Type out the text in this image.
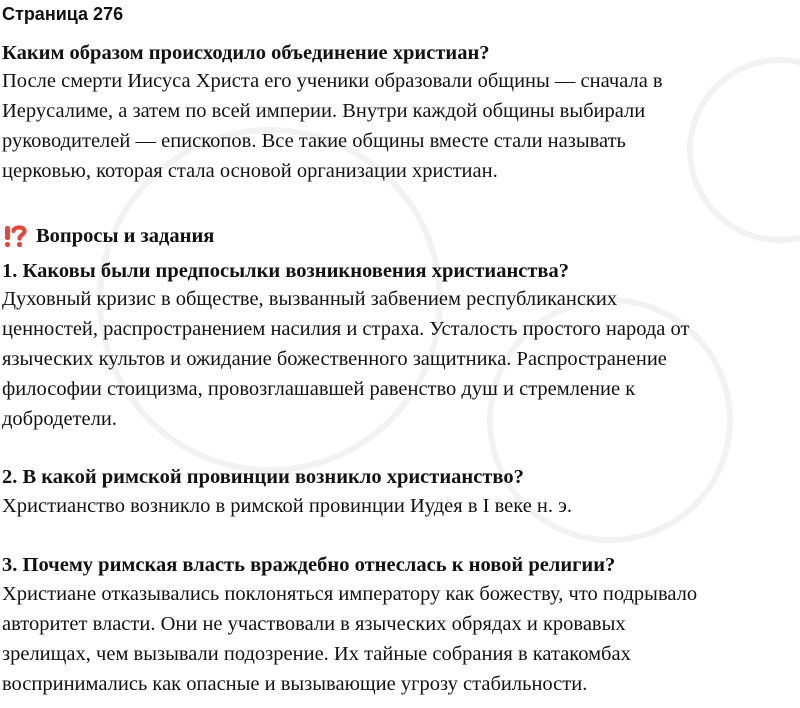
Страница 276
Каким образом происходило объединение христиан?
После смерти Иисуса Христа его ученики образовали общины — сначала в
Иерусалиме, а затем по всей империи. Внутри каждой общины выбирали
руководителей — епископов. Все такие общины вместе стали называть
церковью, которая стала основой организации христиан.
Вопросы и задания
1. Каковы были предпосылки возникновения христианства?
Духовный кризис в обществе, вызванный забвением республиканских
ценностей, распространением насилия и страха. Усталость простого народа от
языческих культов и ожидание божественного защитника. Распространение
философии стоицизма, провозглашавшей равенство душ и стремление к
добродетели.
2. В какой римской провинции возникло христианство?
Христианство возникло в римской провинции Иудея в I веке н. э.
3. Почему римская власть враждебно отнеслась к новой религии?
Христиане отказывались поклоняться императору как божеству, что подрывало
авторитет власти. Они не участвовали в языческих обрядах и кровавых
зрелищах, чем вызывали подозрение. Их тайные собрания в катакомбах
воспринимались как опасные и вызывающие угрозу стабильности.
